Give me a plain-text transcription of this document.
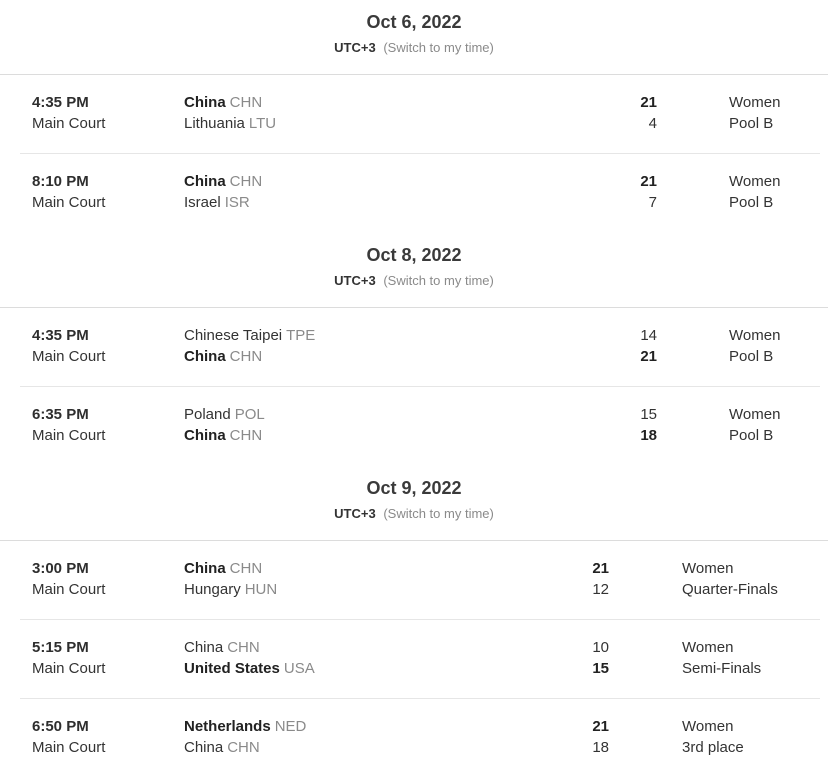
Oct 6, 2022
UTC+3 (Switch to my time)
4:35 PM
Main Court
China CHN
Lithuania LTU
21
4
Women
Pool B
8:10 PM
Main Court
China CHN
Israel ISR
21
7
Women
Pool B
Oct 8, 2022
UTC+3 (Switch to my time)
4:35 PM
Main Court
Chinese Taipei TPE
China CHN
14
21
Women
Pool B
6:35 PM
Main Court
Poland POL
China CHN
15
18
Women
Pool B
Oct 9, 2022
UTC+3 (Switch to my time)
3:00 PM
Main Court
China CHN
Hungary HUN
21
12
Women
Quarter-Finals
5:15 PM
Main Court
China CHN
United States USA
10
15
Women
Semi-Finals
6:50 PM
Main Court
Netherlands NED
China CHN
21
18
Women
3rd place
